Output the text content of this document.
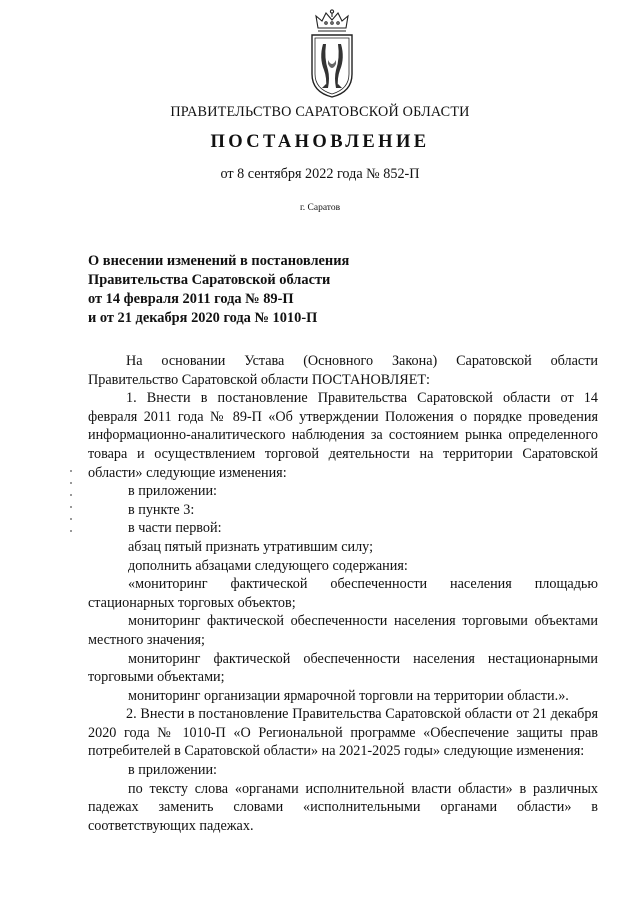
ПРАВИТЕЛЬСТВО САРАТОВСКОЙ ОБЛАСТИ
ПОСТАНОВЛЕНИЕ
от 8 сентября 2022 года № 852-П
г. Саратов
О внесении изменений в постановления
Правительства Саратовской области
от 14 февраля 2011 года № 89-П
и от 21 декабря 2020 года № 1010-П

На основании Устава (Основного Закона) Саратовской области Правительство Саратовской области ПОСТАНОВЛЯЕТ:

1. Внести в постановление Правительства Саратовской области от 14 февраля 2011 года № 89-П «Об утверждении Положения о порядке проведения информационно-аналитического наблюдения за состоянием рынка определенного товара и осуществлением торговой деятельности на территории Саратовской области» следующие изменения:

в приложении:

в пункте 3:

в части первой:

абзац пятый признать утратившим силу;

дополнить абзацами следующего содержания:

«мониторинг фактической обеспеченности населения площадью стационарных торговых объектов;

мониторинг фактической обеспеченности населения торговыми объектами местного значения;

мониторинг фактической обеспеченности населения нестационарными торговыми объектами;

мониторинг организации ярмарочной торговли на территории области.».

2. Внести в постановление Правительства Саратовской области от 21 декабря 2020 года № 1010-П «О Региональной программе «Обеспечение защиты прав потребителей в Саратовской области» на 2021-2025 годы» следующие изменения:

в приложении:

по тексту слова «органами исполнительной власти области» в различных падежах заменить словами «исполнительными органами области» в соответствующих падежах.
